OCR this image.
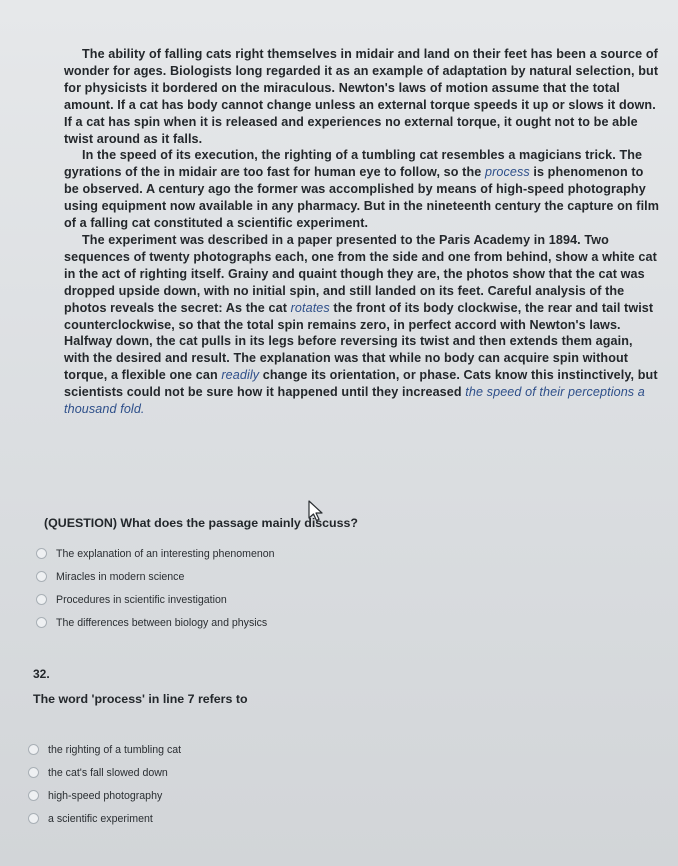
The ability of falling cats right themselves in midair and land on their feet has been a source of wonder for ages. Biologists long regarded it as an example of adaptation by natural selection, but for physicists it bordered on the miraculous. Newton's laws of motion assume that the total amount. If a cat has body cannot change unless an external torque speeds it up or slows it down. If a cat has spin when it is released and experiences no external torque, it ought not to be able twist around as it falls.

In the speed of its execution, the righting of a tumbling cat resembles a magicians trick. The gyrations of the in midair are too fast for human eye to follow, so the process is phenomenon to be observed. A century ago the former was accomplished by means of high-speed photography using equipment now available in any pharmacy. But in the nineteenth century the capture on film of a falling cat constituted a scientific experiment.

The experiment was described in a paper presented to the Paris Academy in 1894. Two sequences of twenty photographs each, one from the side and one from behind, show a white cat in the act of righting itself. Grainy and quaint though they are, the photos show that the cat was dropped upside down, with no initial spin, and still landed on its feet. Careful analysis of the photos reveals the secret: As the cat rotates the front of its body clockwise, the rear and tail twist counterclockwise, so that the total spin remains zero, in perfect accord with Newton's laws. Halfway down, the cat pulls in its legs before reversing its twist and then extends them again, with the desired and result. The explanation was that while no body can acquire spin without torque, a flexible one can readily change its orientation, or phase. Cats know this instinctively, but scientists could not be sure how it happened until they increased the speed of their perceptions a thousand fold.

(QUESTION) What does the passage mainly discuss?
The explanation of an interesting phenomenon
Miracles in modern science
Procedures in scientific investigation
The differences between biology and physics
32.
The word 'process' in line 7 refers to
the righting of a tumbling cat
the cat's fall slowed down
high-speed photography
a scientific experiment
